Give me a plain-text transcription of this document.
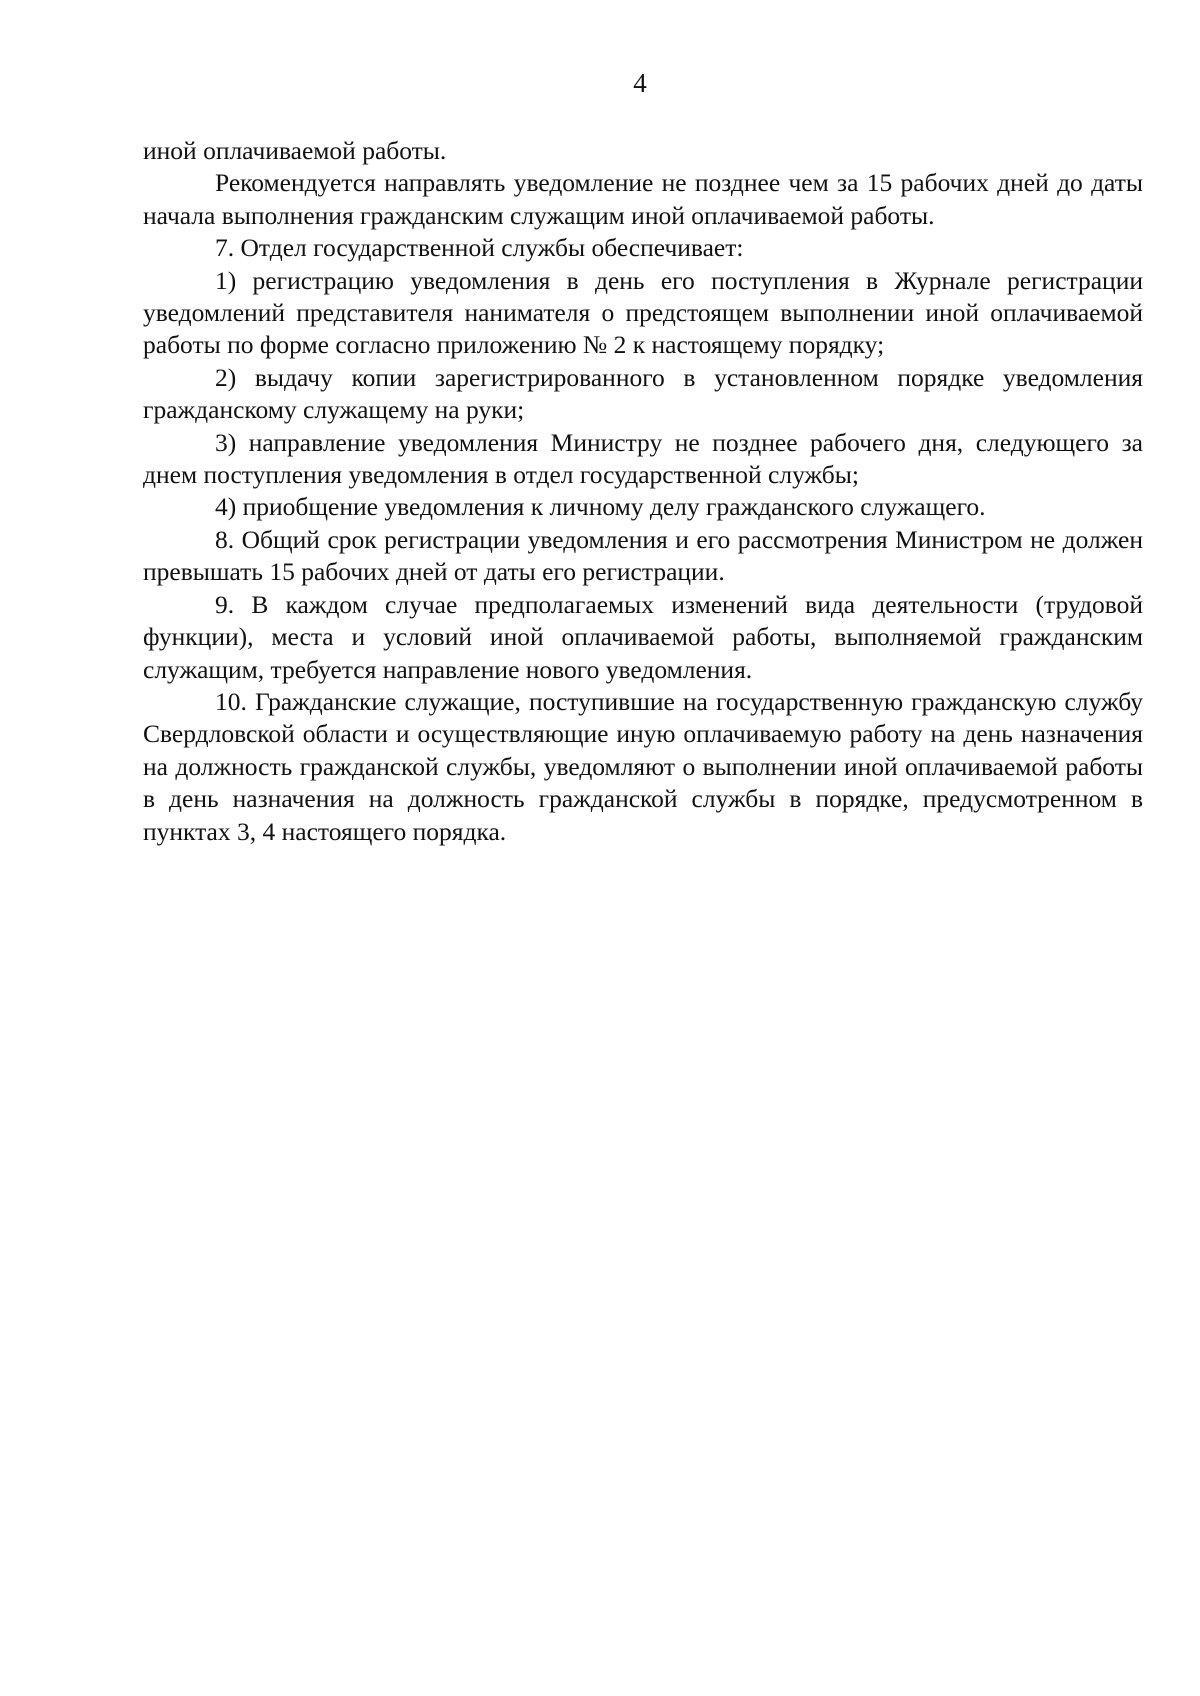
4

иной оплачиваемой работы.

Рекомендуется направлять уведомление не позднее чем за 15 рабочих дней до даты начала выполнения гражданским служащим иной оплачиваемой работы.

7. Отдел государственной службы обеспечивает:

1) регистрацию уведомления в день его поступления в Журнале регистрации уведомлений представителя нанимателя о предстоящем выполнении иной оплачиваемой работы по форме согласно приложению № 2 к настоящему порядку;

2) выдачу копии зарегистрированного в установленном порядке уведомления гражданскому служащему на руки;

3) направление уведомления Министру не позднее рабочего дня, следующего за днем поступления уведомления в отдел государственной службы;

4) приобщение уведомления к личному делу гражданского служащего.

8. Общий срок регистрации уведомления и его рассмотрения Министром не должен превышать 15 рабочих дней от даты его регистрации.

9. В каждом случае предполагаемых изменений вида деятельности (трудовой функции), места и условий иной оплачиваемой работы, выполняемой гражданским служащим, требуется направление нового уведомления.

10. Гражданские служащие, поступившие на государственную гражданскую службу Свердловской области и осуществляющие иную оплачиваемую работу на день назначения на должность гражданской службы, уведомляют о выполнении иной оплачиваемой работы в день назначения на должность гражданской службы в порядке, предусмотренном в пунктах 3, 4 настоящего порядка.
